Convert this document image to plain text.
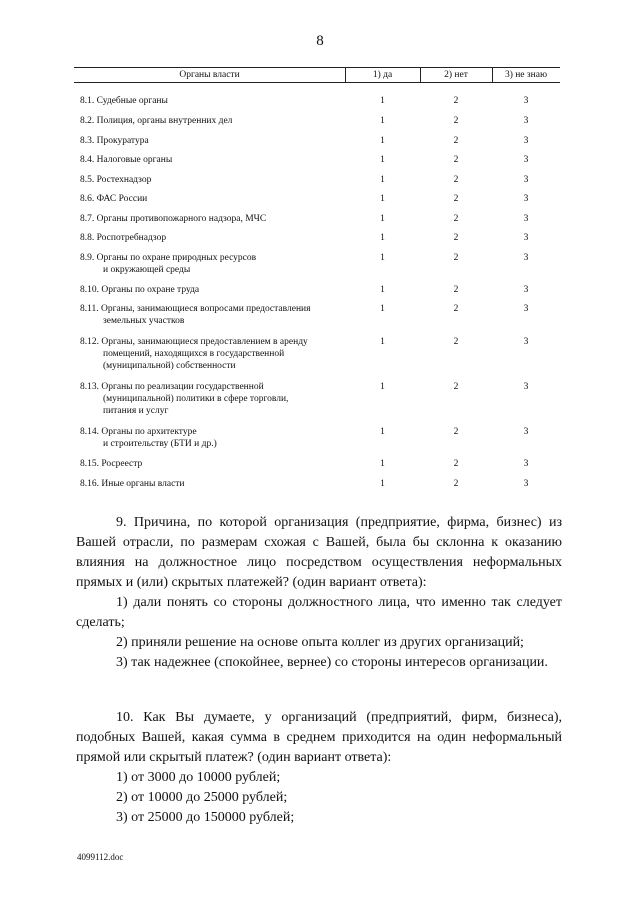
8
Органы власти	1) да	2) нет	3) не знаю
8.1. Судебные органы	1	2	3
8.2. Полиция, органы внутренних дел	1	2	3
8.3. Прокуратура	1	2	3
8.4. Налоговые органы	1	2	3
8.5. Ростехнадзор	1	2	3
8.6. ФАС России	1	2	3
8.7. Органы противопожарного надзора, МЧС	1	2	3
8.8. Роспотребнадзор	1	2	3
8.9. Органы по охране природных ресурсов
и окружающей среды
1	2	3
8.10. Органы по охране труда	1	2	3
8.11. Органы, занимающиеся вопросами предоставления
земельных участков
1	2	3
8.12. Органы, занимающиеся предоставлением в аренду
помещений, находящихся в государственной
(муниципальной) собственности
1	2	3
8.13. Органы по реализации государственной
(муниципальной) политики в сфере торговли,
питания и услуг
1	2	3
8.14. Органы по архитектуре
и строительству (БТИ и др.)
1	2	3
8.15. Росреестр	1	2	3
8.16. Иные органы власти	1	2	3

9. Причина, по которой организация (предприятие, фирма, бизнес) из Вашей отрасли, по размерам схожая с Вашей, была бы склонна к оказанию влияния на должностное лицо посредством осуществления неформальных прямых и (или) скрытых платежей? (один вариант ответа):

1) дали понять со стороны должностного лица, что именно так следует сделать;

2) приняли решение на основе опыта коллег из других организаций;

3) так надежнее (спокойнее, вернее) со стороны интересов организации.

10. Как Вы думаете, у организаций (предприятий, фирм, бизнеса), подобных Вашей, какая сумма в среднем приходится на один неформальный прямой или скрытый платеж? (один вариант ответа):

1) от 3000 до 10000 рублей;

2) от 10000 до 25000 рублей;

3) от 25000 до 150000 рублей;

4099112.doc
